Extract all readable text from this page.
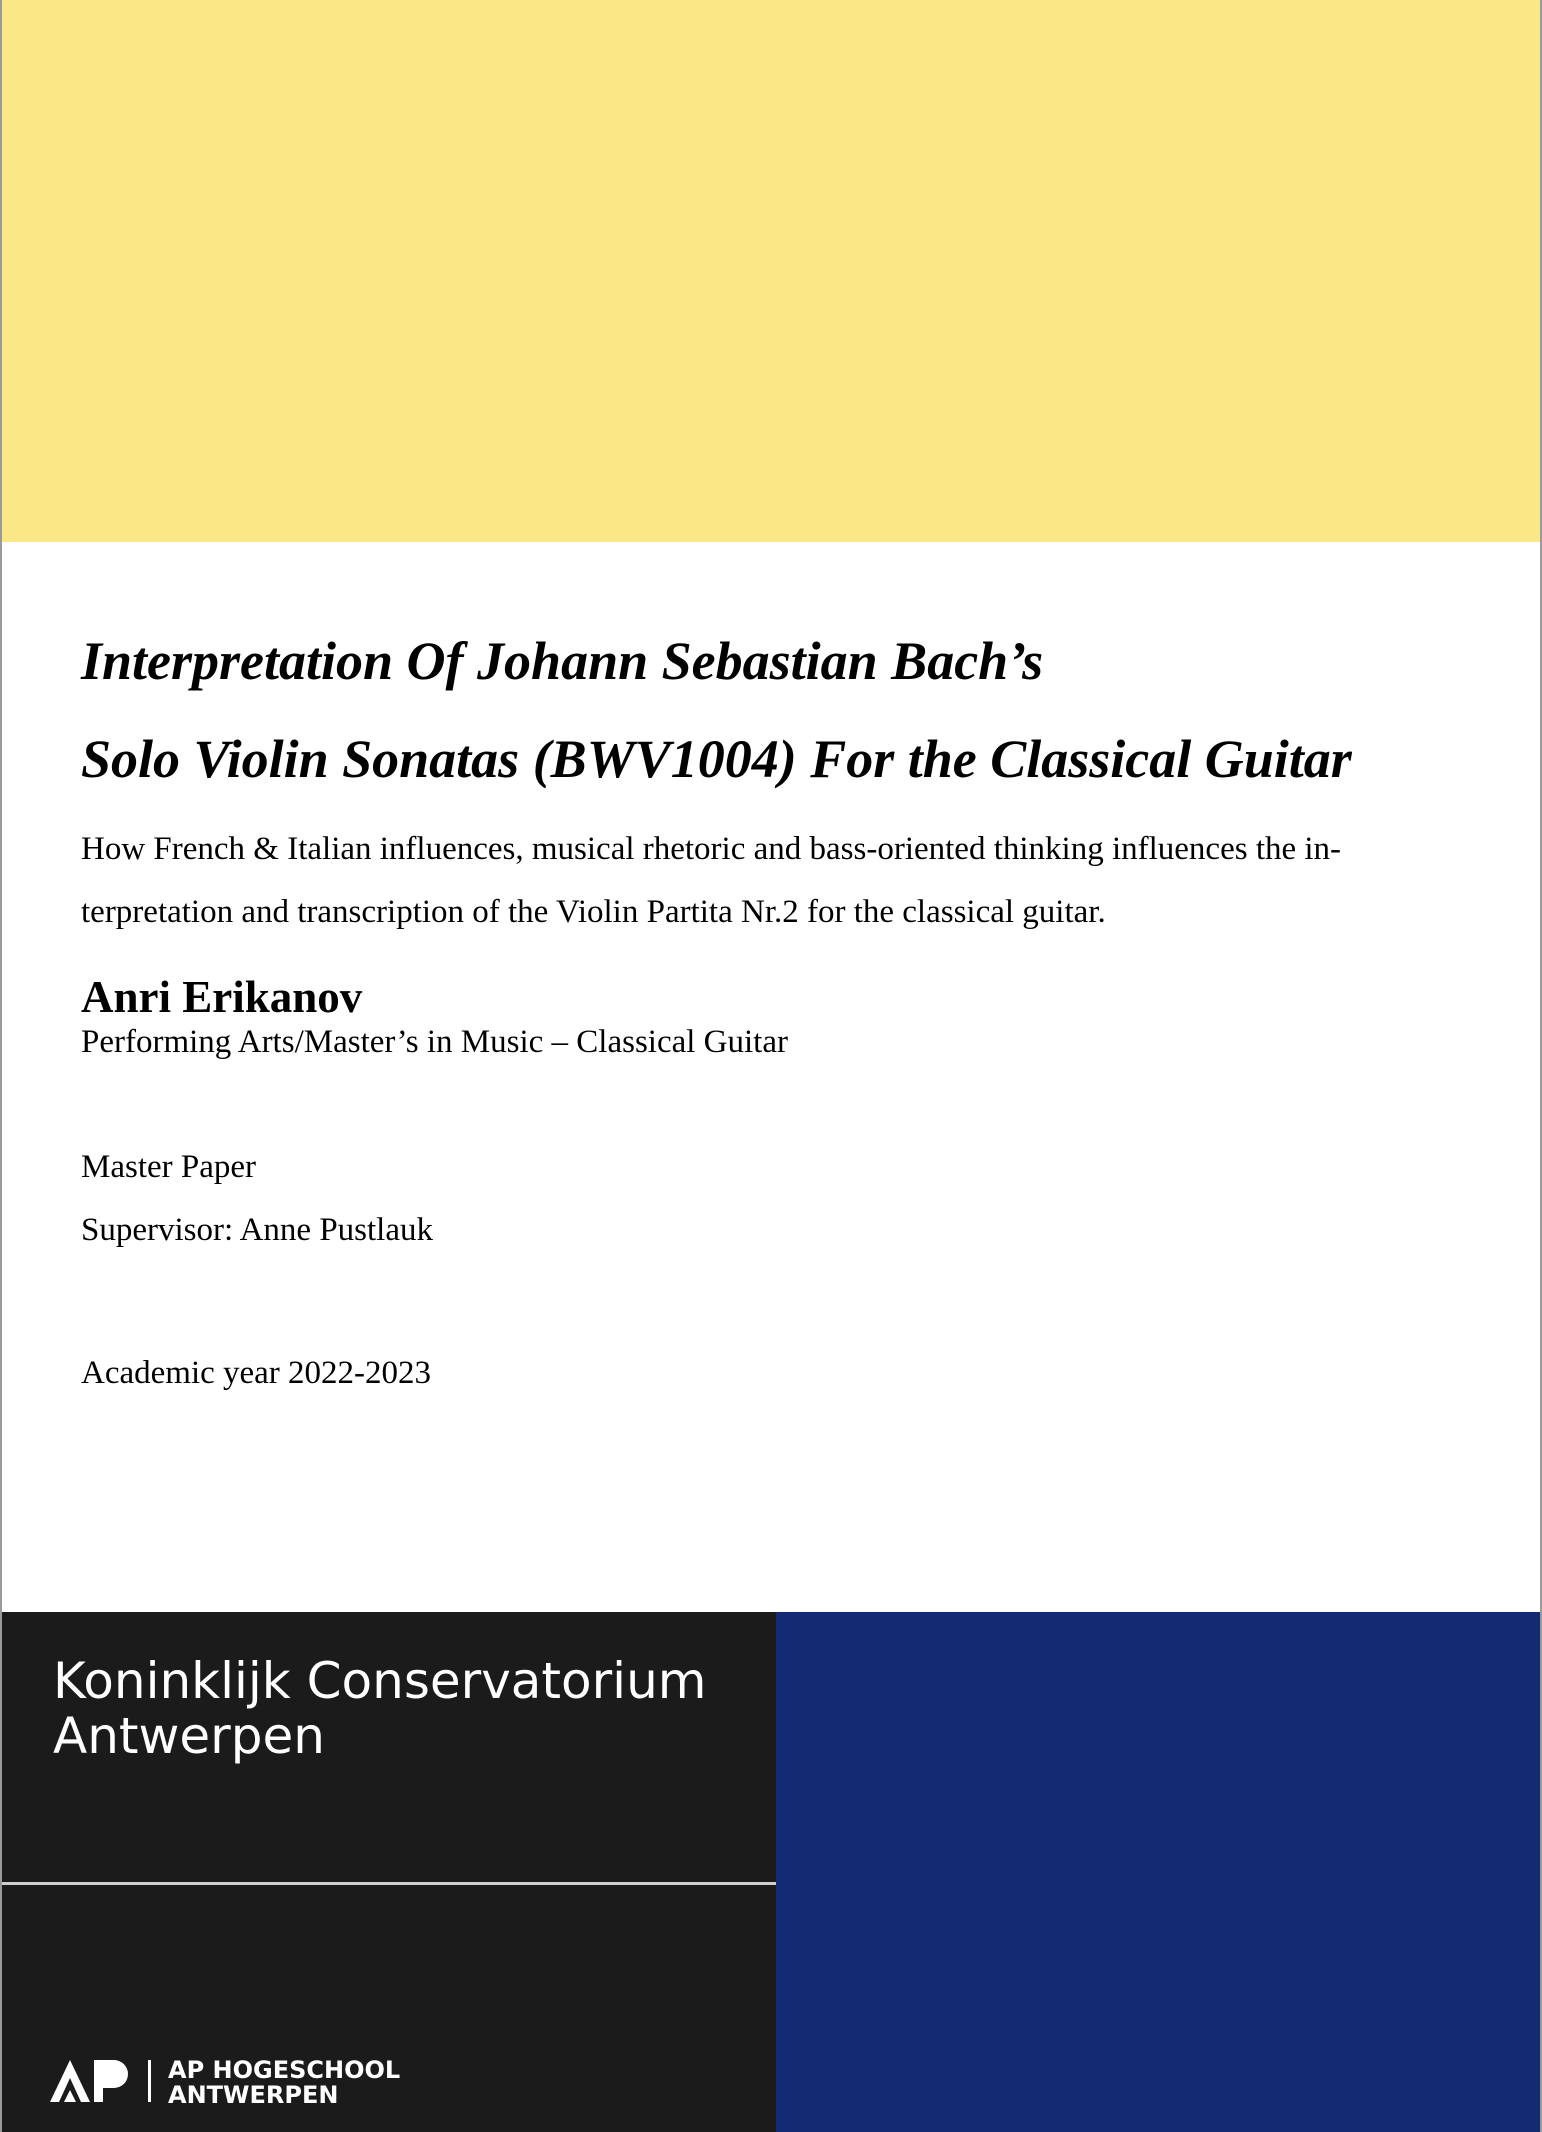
Interpretation Of Johann Sebastian Bach’s

Solo Violin Sonatas (BWV1004) For the Classical Guitar

How French & Italian influences, musical rhetoric and bass-oriented thinking influences the in-
terpretation and transcription of the Violin Partita Nr.2 for the classical guitar.
Anri Erikanov
Performing Arts/Master’s in Music – Classical Guitar
Master Paper
Supervisor: Anne Pustlauk
Academic year 2022-2023
Koninklijk Conservatorium
Antwerpen
AP HOGESCHOOL
ANTWERPEN
